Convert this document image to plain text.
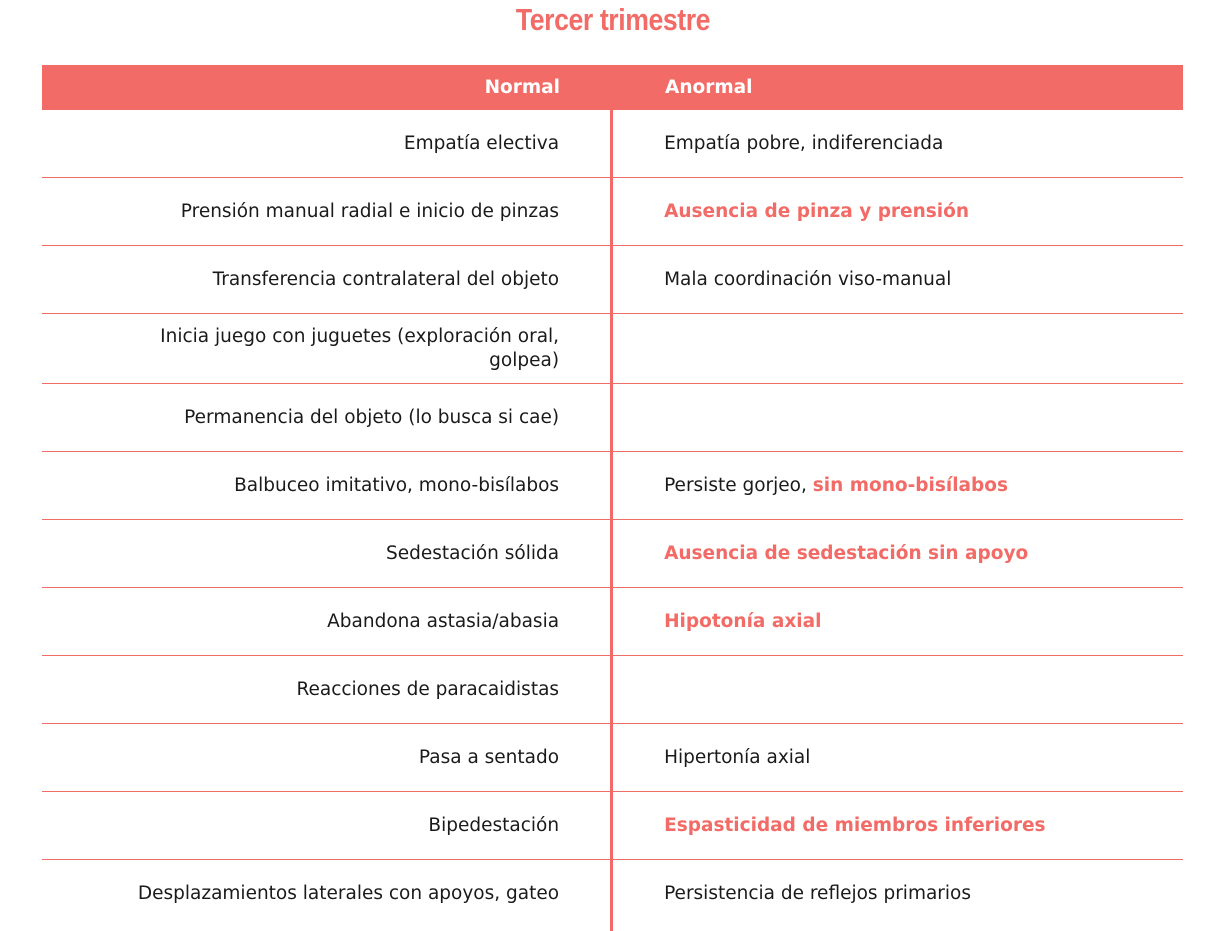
Tercer trimestre
Normal	Anormal
Empatía electiva	Empatía pobre, indiferenciada
Prensión manual radial e inicio de pinzas	Ausencia de pinza y prensión
Transferencia contralateral del objeto	Mala coordinación viso-manual
Inicia juego con juguetes (exploración oral, golpea)
Permanencia del objeto (lo busca si cae)
Balbuceo imitativo, mono-bisílabos	Persiste gorjeo, sin mono-bisílabos
Sedestación sólida	Ausencia de sedestación sin apoyo
Abandona astasia/abasia	Hipotonía axial
Reacciones de paracaidistas
Pasa a sentado	Hipertonía axial
Bipedestación	Espasticidad de miembros inferiores
Desplazamientos laterales con apoyos, gateo	Persistencia de reflejos primarios
